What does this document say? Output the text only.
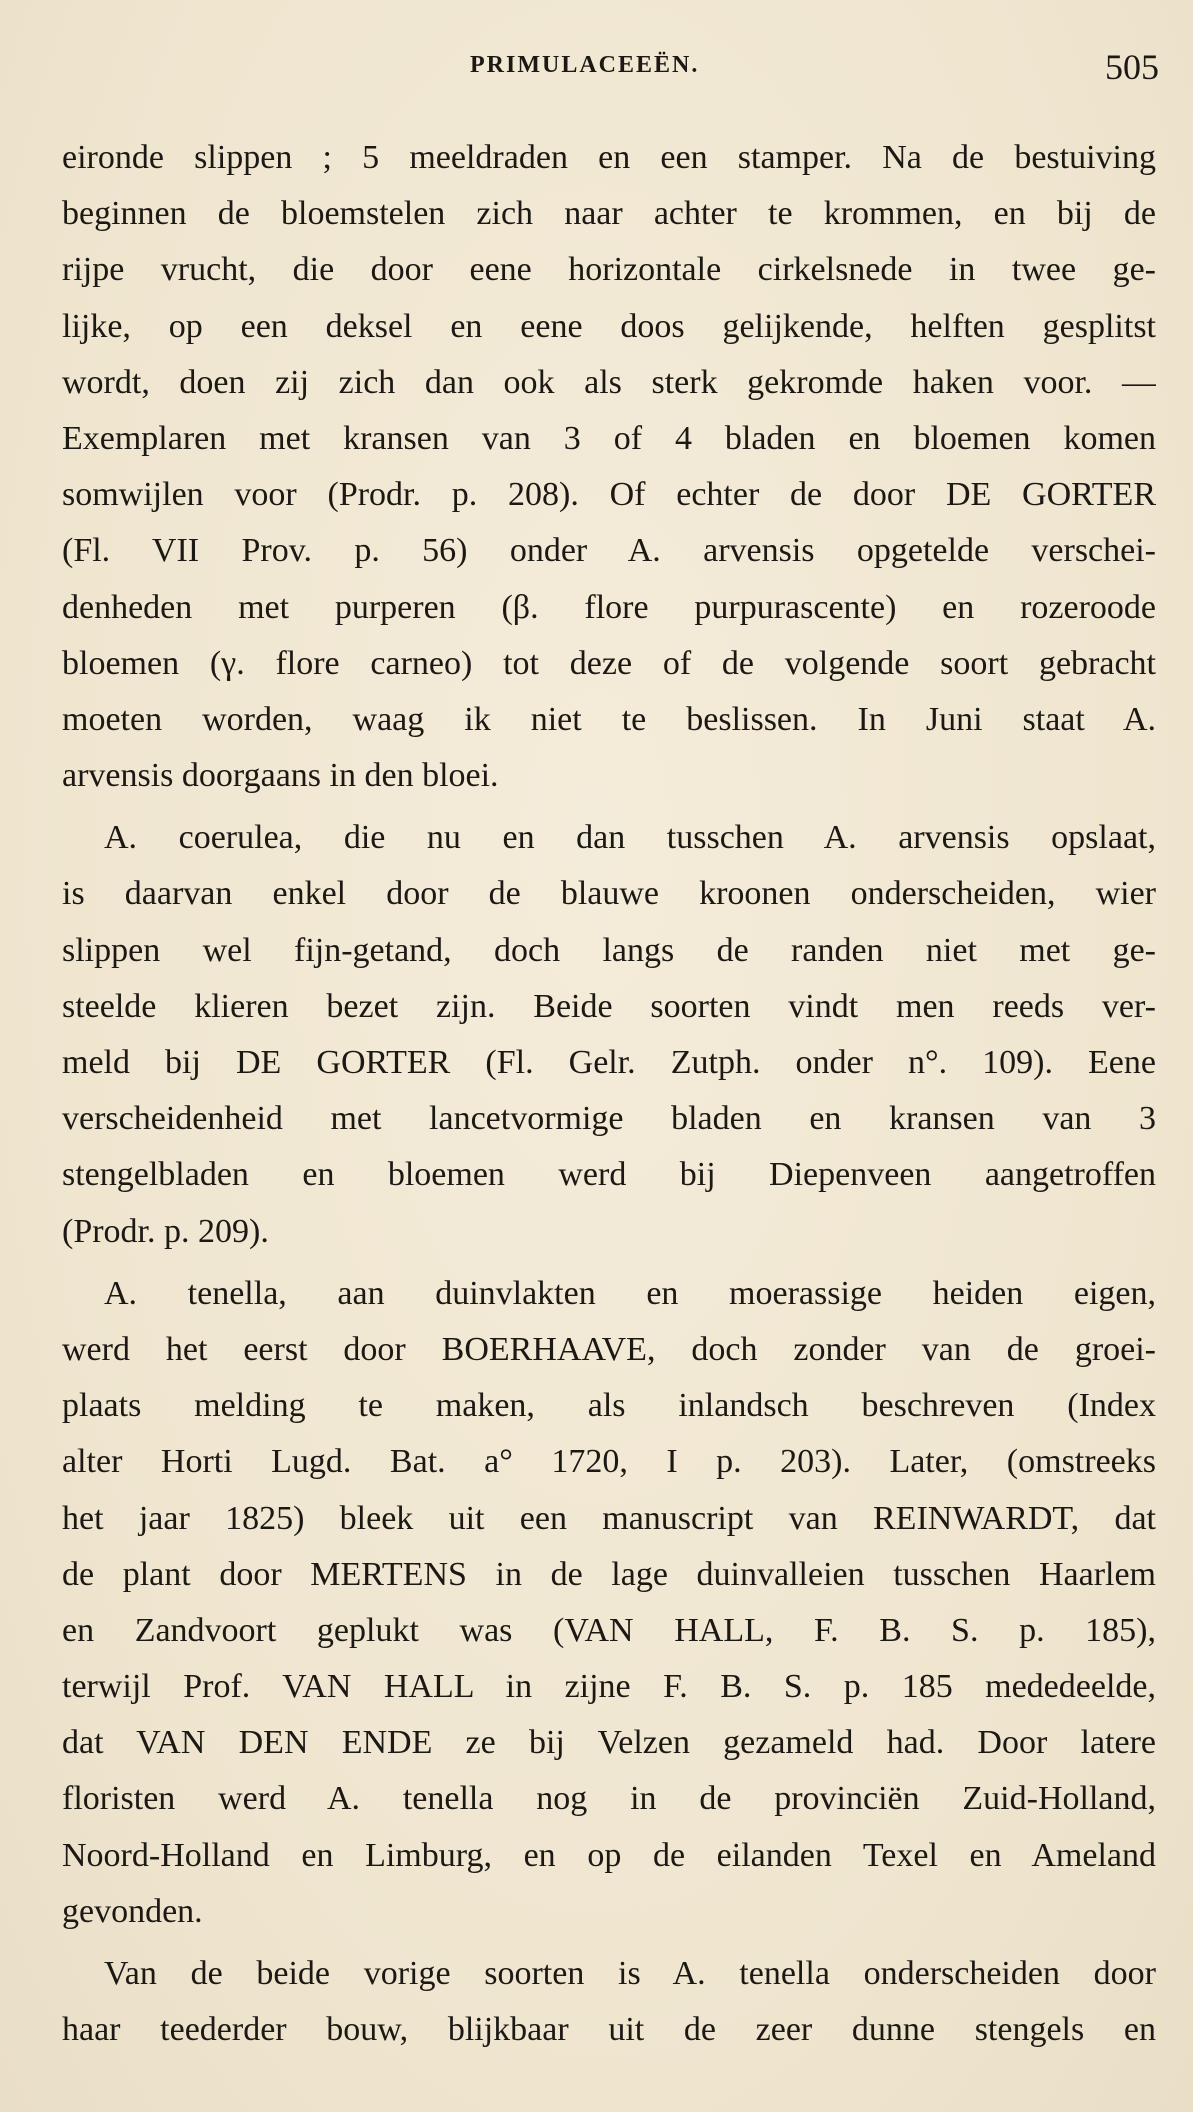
PRIMULACEEËN.	505
eironde slippen ; 5 meeldraden en een stamper. Na de bestuiving
beginnen de bloemstelen zich naar achter te krommen, en bij de
rijpe vrucht, die door eene horizontale cirkelsnede in twee ge-
lijke, op een deksel en eene doos gelijkende, helften gesplitst
wordt, doen zij zich dan ook als sterk gekromde haken voor. —
Exemplaren met kransen van 3 of 4 bladen en bloemen komen
somwijlen voor (Prodr. p. 208). Of echter de door DE GORTER
(Fl. VII Prov. p. 56) onder A. arvensis opgetelde verschei-
denheden met purperen (β. flore purpurascente) en rozeroode
bloemen (γ. flore carneo) tot deze of de volgende soort gebracht
moeten worden, waag ik niet te beslissen. In Juni staat A.
arvensis doorgaans in den bloei.
A. coerulea, die nu en dan tusschen A. arvensis opslaat,
is daarvan enkel door de blauwe kroonen onderscheiden, wier
slippen wel fijn-getand, doch langs de randen niet met ge-
steelde klieren bezet zijn. Beide soorten vindt men reeds ver-
meld bij DE GORTER (Fl. Gelr. Zutph. onder n°. 109). Eene
verscheidenheid met lancetvormige bladen en kransen van 3
stengelbladen en bloemen werd bij Diepenveen aangetroffen
(Prodr. p. 209).
A. tenella, aan duinvlakten en moerassige heiden eigen,
werd het eerst door BOERHAAVE, doch zonder van de groei-
plaats melding te maken, als inlandsch beschreven (Index
alter Horti Lugd. Bat. a° 1720, I p. 203). Later, (omstreeks
het jaar 1825) bleek uit een manuscript van REINWARDT, dat
de plant door MERTENS in de lage duinvalleien tusschen Haarlem
en Zandvoort geplukt was (VAN HALL, F. B. S. p. 185),
terwijl Prof. VAN HALL in zijne F. B. S. p. 185 mededeelde,
dat VAN DEN ENDE ze bij Velzen gezameld had. Door latere
floristen werd A. tenella nog in de provinciën Zuid-Holland,
Noord-Holland en Limburg, en op de eilanden Texel en Ameland
gevonden.
Van de beide vorige soorten is A. tenella onderscheiden door
haar teederder bouw, blijkbaar uit de zeer dunne stengels en
